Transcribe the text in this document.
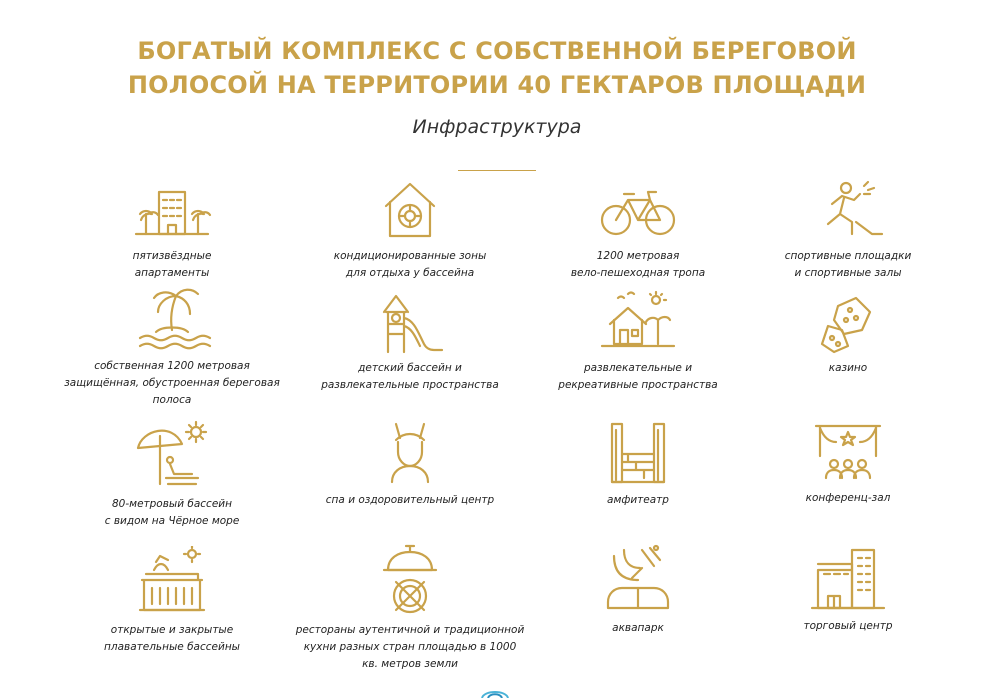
БОГАТЫЙ КОМПЛЕКС С СОБСТВЕННОЙ БЕРЕГОВОЙ
ПОЛОСОЙ НА ТЕРРИТОРИИ 40 ГЕКТАРОВ ПЛОЩАДИ
Инфраструктура
пятизвёздные
апартаменты
кондиционированные зоны
для отдыха у бассейна
1200 метровая
вело-пешеходная тропа
спортивные площадки
и спортивные залы
собственная 1200 метровая
защищённая, обустроенная береговая полоса
детский бассейн и
развлекательные пространства
развлекательные и
рекреативные пространства
казино
80-метровый бассейн
с видом на Чёрное море
спа и оздоровительный центр	амфитеатр	конференц-зал
открытые и закрытые
плавательные бассейны
рестораны аутентичной и традиционной
кухни разных стран площадью в 1000
кв. метров земли
аквапарк	торговый центр
